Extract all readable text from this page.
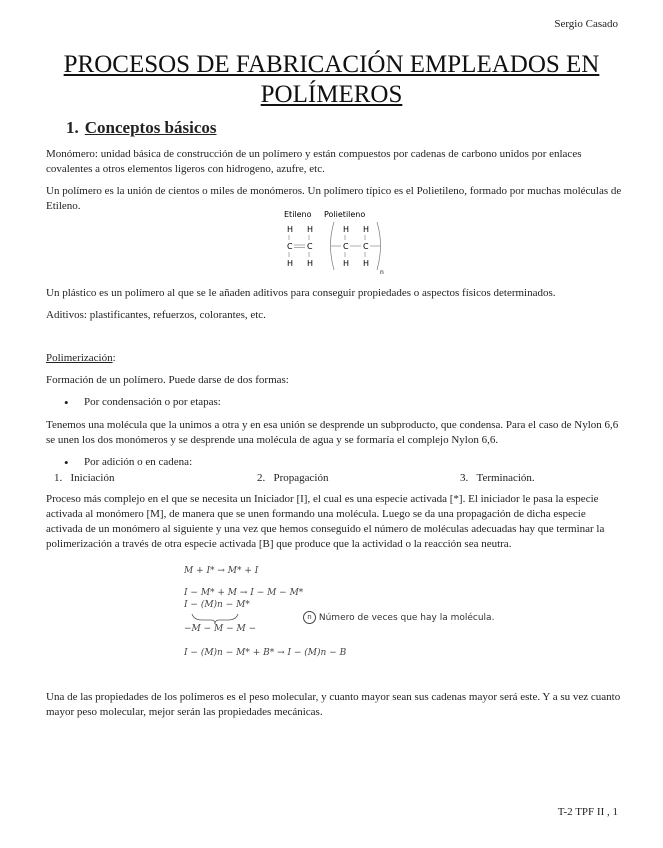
Sergio Casado
PROCESOS DE FABRICACIÓN EMPLEADOS EN POLÍMEROS
1. Conceptos básicos
Monómero: unidad básica de construcción de un polímero y están compuestos por cadenas de carbono unidos por enlaces covalentes a otros elementos ligeros con hidrogeno, azufre, etc.
Un polímero es la unión de cientos o miles de monómeros. Un polímero típico es el Polietileno, formado por muchas moléculas de Etileno.
Etileno Polietileno
H H
C C
H H
H H
C C
H H
n
Un plástico es un polímero al que se le añaden aditivos para conseguir propiedades o aspectos físicos determinados.
Aditivos: plastificantes, refuerzos, colorantes, etc.
Polimerización:
Formación de un polímero. Puede darse de dos formas:
• Por condensación o por etapas:
Tenemos una molécula que la unimos a otra y en esa unión se desprende un subproducto, que condensa. Para el caso de Nylon 6,6 se unen los dos monómeros y se desprende una molécula de agua y se formaría el complejo Nylon 6,6.
• Por adición o en cadena:
1. Iniciación	2. Propagación	3. Terminación.
Proceso más complejo en el que se necesita un Iniciador [I], el cual es una especie activada [*]. El iniciador le pasa la especie activada al monómero [M], de manera que se unen formando una molécula. Luego se da una propagación de dicha especie activada de un monómero al siguiente y una vez que hemos conseguido el número de moléculas adecuadas hay que terminar la polimerización a través de otra especie activada [B] que produce que la actividad o la reacción sea neutra.
M + I* → M* + I
I − M* + M → I − M − M*
I − (M)n − M*
−M − M − M −
n Número de veces que hay la molécula.
I − (M)n − M* + B* → I − (M)n − B
Una de las propiedades de los polímeros es el peso molecular, y cuanto mayor sean sus cadenas mayor será este. Y a su vez cuanto mayor peso molecular, mejor serán las propiedades mecánicas.
T-2 TPF II , 1
